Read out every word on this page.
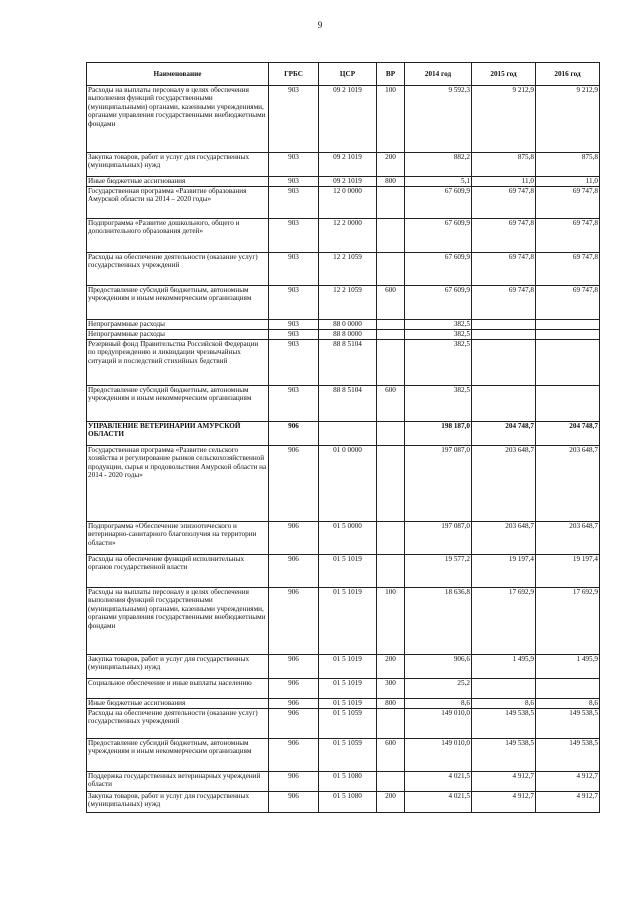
9
Наименование	ГРБС	ЦСР	ВР	2014 год	2015 год	2016 год
Расходы на выплаты персоналу в целях обеспечения выполнения функций государственными (муниципальными) органами, казенными учреждениями, органами управления государственными внебюджетными фондами	903	09 2 1019	100	9 592,3	9 212,9	9 212,9
Закупка товаров, работ и услуг для государственных (муниципальных) нужд	903	09 2 1019	200	882,2	875,8	875,8
Иные бюджетные ассигнования	903	09 2 1019	800	5,1	11,0	11,0
Государственная программа «Развитие образования Амурской области на 2014 – 2020 годы»	903	12 0 0000		67 609,9	69 747,8	69 747,8
Подпрограмма «Развитие дошкольного, общего и дополнительного образования детей»	903	12 2 0000		67 609,9	69 747,8	69 747,8
Расходы на обеспечение деятельности (оказание услуг) государственных учреждений	903	12 2 1059		67 609,9	69 747,8	69 747,8
Предоставление субсидий бюджетным, автономным учреждениям и иным некоммерческим организациям	903	12 2 1059	600	67 609,9	69 747,8	69 747,8
Непрограммные расходы	903	88 0 0000		382,5		
Непрограммные расходы	903	88 8 0000		382,5		
Резервный фонд Правительства Российской Федерации по предупреждению и ликвидации чрезвычайных ситуаций и последствий стихийных бедствий	903	88 8 5104		382,5		
Предоставление субсидий бюджетным, автономным учреждениям и иным некоммерческим организациям	903	88 8 5104	600	382,5		
УПРАВЛЕНИЕ ВЕТЕРИНАРИИ АМУРСКОЙ ОБЛАСТИ	906			198 187,0	204 748,7	204 748,7
Государственная программа «Развитие сельского хозяйства и регулирование рынков сельскохозяйственной продукции, сырья и продовольствия Амурской области на 2014 - 2020 годы»	906	01 0 0000		197 087,0	203 648,7	203 648,7
Подпрограмма «Обеспечение эпизоотического и ветеринарно-санитарного благополучия на территории области»	906	01 5 0000		197 087,0	203 648,7	203 648,7
Расходы на обеспечение функций исполнительных органов государственной власти	906	01 5 1019		19 577,2	19 197,4	19 197,4
Расходы на выплаты персоналу в целях обеспечения выполнения функций государственными (муниципальными) органами, казенными учреждениями, органами управления государственными внебюджетными фондами	906	01 5 1019	100	18 636,8	17 692,9	17 692,9
Закупка товаров, работ и услуг для государственных (муниципальных) нужд	906	01 5 1019	200	906,6	1 495,9	1 495,9
Социальное обеспечение и иные выплаты населению	906	01 5 1019	300	25,2		
Иные бюджетные ассигнования	906	01 5 1019	800	8,6	8,6	8,6
Расходы на обеспечение деятельности (оказание услуг) государственных учреждений	906	01 5 1059		149 010,0	149 538,5	149 538,5
Предоставление субсидий бюджетным, автономным учреждениям и иным некоммерческим организациям	906	01 5 1059	600	149 010,0	149 538,5	149 538,5
Поддержка государственных ветеринарных учреждений области	906	01 5 1080		4 021,5	4 912,7	4 912,7
Закупка товаров, работ и услуг для государственных (муниципальных) нужд	906	01 5 1080	200	4 021,5	4 912,7	4 912,7
